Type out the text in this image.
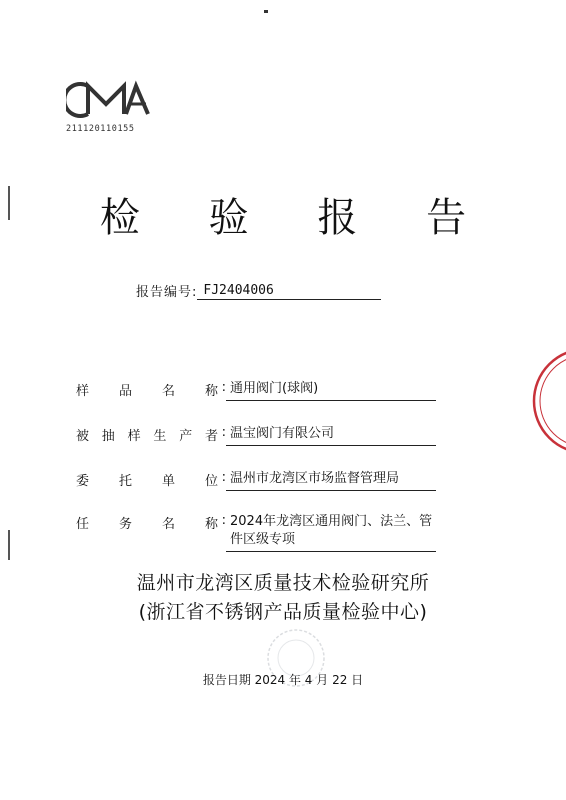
211120110155
检 验 报 告
报告编号: FJ2404006
样 品 名 称 : 通用阀门(球阀)
被 抽 样 生 产 者 : 温宝阀门有限公司
委 托 单 位 : 温州市龙湾区市场监督管理局
任 务 名 称 : 2024年龙湾区通用阀门、法兰、管件区级专项
温州市龙湾区质量技术检验研究所
(浙江省不锈钢产品质量检验中心)
报告日期 2024 年 4 月 22 日
